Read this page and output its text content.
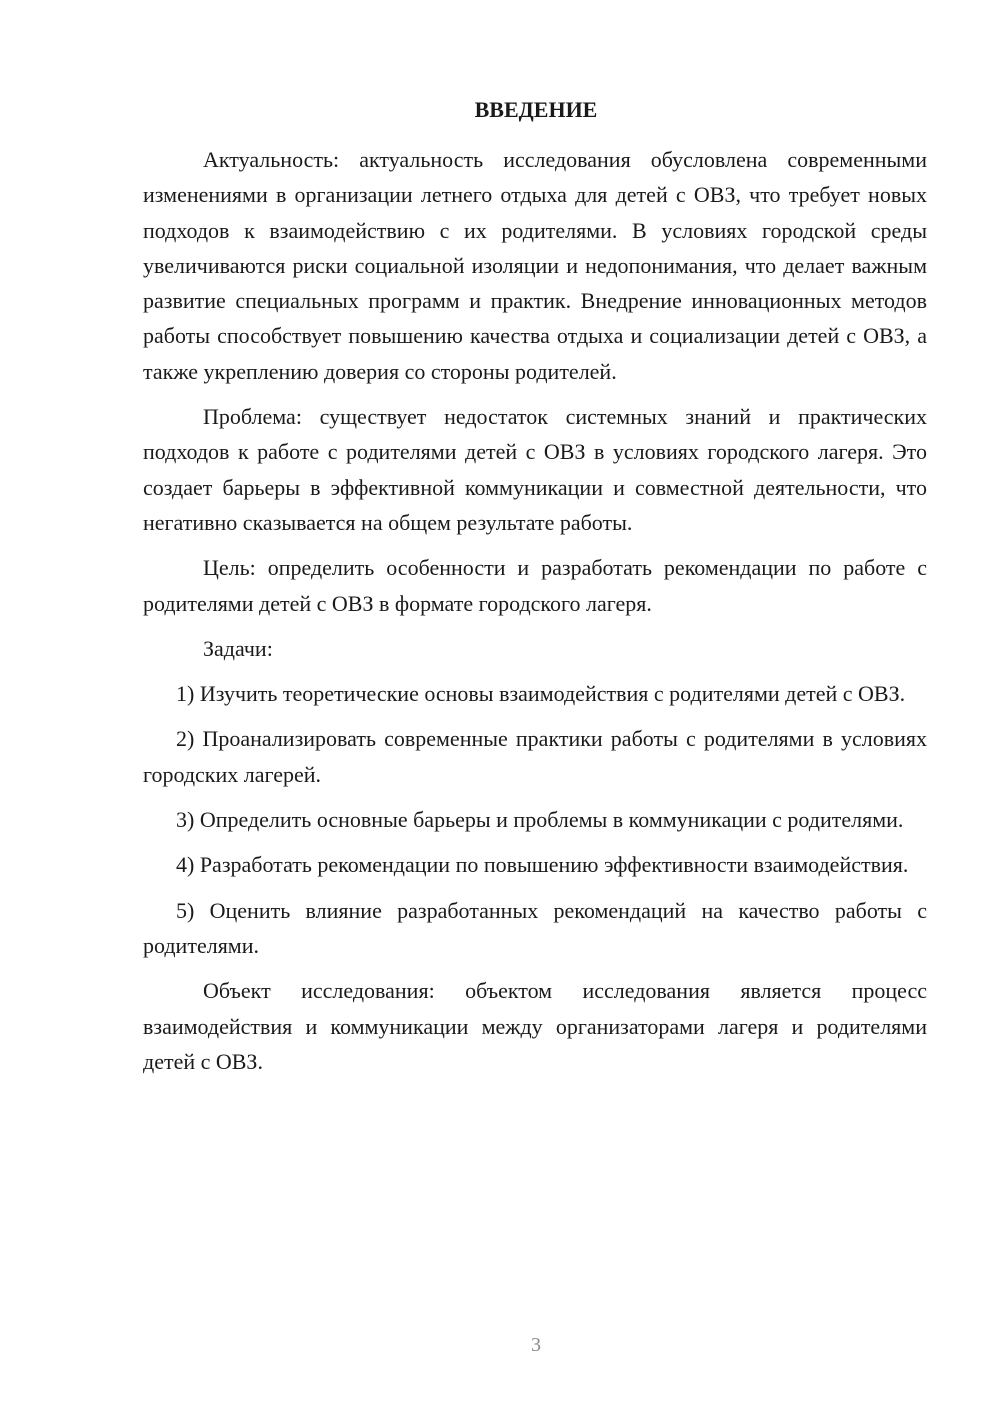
ВВЕДЕНИЕ

Актуальность: актуальность исследования обусловлена современными изменениями в организации летнего отдыха для детей с ОВЗ, что требует новых подходов к взаимодействию с их родителями. В условиях городской среды увеличиваются риски социальной изоляции и недопонимания, что делает важным развитие специальных программ и практик. Внедрение инновационных методов работы способствует повышению качества отдыха и социализации детей с ОВЗ, а также укреплению доверия со стороны родителей.

Проблема: существует недостаток системных знаний и практических подходов к работе с родителями детей с ОВЗ в условиях городского лагеря. Это создает барьеры в эффективной коммуникации и совместной деятельности, что негативно сказывается на общем результате работы.

Цель: определить особенности и разработать рекомендации по работе с родителями детей с ОВЗ в формате городского лагеря.

Задачи:

1) Изучить теоретические основы взаимодействия с родителями детей с ОВЗ.

2) Проанализировать современные практики работы с родителями в условиях городских лагерей.

3) Определить основные барьеры и проблемы в коммуникации с родителями.

4) Разработать рекомендации по повышению эффективности взаимодействия.

5) Оценить влияние разработанных рекомендаций на качество работы с родителями.

Объект исследования: объектом исследования является процесс взаимодействия и коммуникации между организаторами лагеря и родителями детей с ОВЗ.

3
